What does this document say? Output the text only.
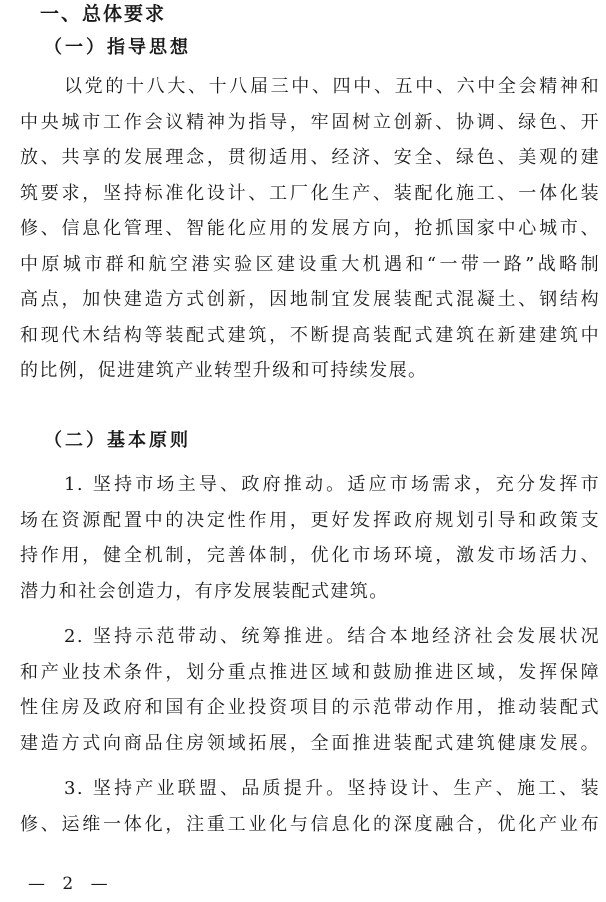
一、总体要求
（一）指导思想
以党的十八大、十八届三中、四中、五中、六中全会精神和
中央城市工作会议精神为指导，牢固树立创新、协调、绿色、开
放、共享的发展理念，贯彻适用、经济、安全、绿色、美观的建
筑要求，坚持标准化设计、工厂化生产、装配化施工、一体化装
修、信息化管理、智能化应用的发展方向，抢抓国家中心城市、
中原城市群和航空港实验区建设重大机遇和“一带一路”战略制
高点，加快建造方式创新，因地制宜发展装配式混凝土、钢结构
和现代木结构等装配式建筑，不断提高装配式建筑在新建建筑中
的比例，促进建筑产业转型升级和可持续发展。
（二）基本原则
1. 坚持市场主导、政府推动。适应市场需求，充分发挥市
场在资源配置中的决定性作用，更好发挥政府规划引导和政策支
持作用，健全机制，完善体制，优化市场环境，激发市场活力、
潜力和社会创造力，有序发展装配式建筑。
2. 坚持示范带动、统筹推进。结合本地经济社会发展状况
和产业技术条件，划分重点推进区域和鼓励推进区域，发挥保障
性住房及政府和国有企业投资项目的示范带动作用，推动装配式
建造方式向商品住房领域拓展，全面推进装配式建筑健康发展。
3. 坚持产业联盟、品质提升。坚持设计、生产、施工、装
修、运维一体化，注重工业化与信息化的深度融合，优化产业布
— 2 —
